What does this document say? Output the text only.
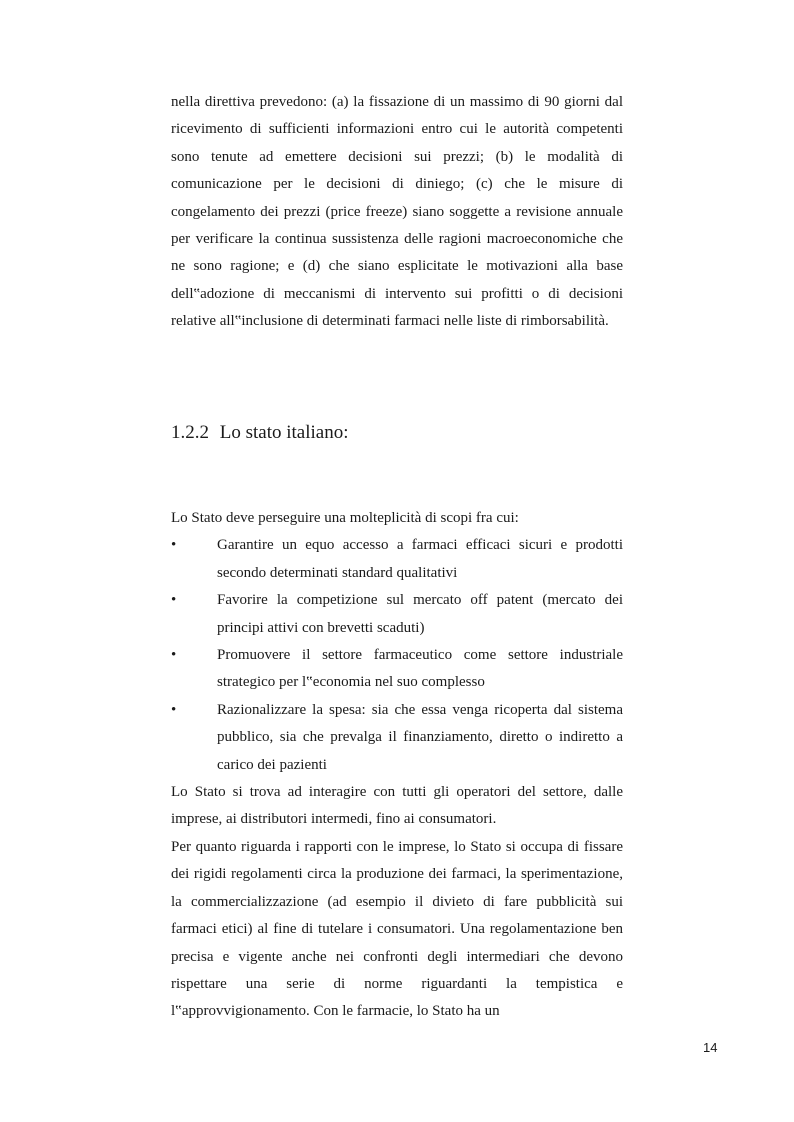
nella direttiva prevedono: (a) la fissazione di un massimo di 90 giorni dal ricevimento di sufficienti informazioni entro cui le autorità competenti sono tenute ad emettere decisioni sui prezzi; (b) le modalità di comunicazione per le decisioni di diniego; (c) che le misure di congelamento dei prezzi (price freeze) siano soggette a revisione annuale per verificare la continua sussistenza delle ragioni macroeconomiche che ne sono ragione; e (d) che siano esplicitate le motivazioni alla base dell‟adozione di meccanismi di intervento sui profitti o di decisioni relative all‟inclusione di determinati farmaci nelle liste di rimborsabilità.

1.2.2 Lo stato italiano:

Lo Stato deve perseguire una molteplicità di scopi fra cui:

•	Garantire un equo accesso a farmaci efficaci sicuri e prodotti secondo determinati standard qualitativi
•	Favorire la competizione sul mercato off patent (mercato dei principi attivi con brevetti scaduti)
•	Promuovere il settore farmaceutico come settore industriale strategico per l‟economia nel suo complesso
•	Razionalizzare la spesa: sia che essa venga ricoperta dal sistema pubblico, sia che prevalga il finanziamento, diretto o indiretto a carico dei pazienti

Lo Stato si trova ad interagire con tutti gli operatori del settore, dalle imprese, ai distributori intermedi, fino ai consumatori.

Per quanto riguarda i rapporti con le imprese, lo Stato si occupa di fissare dei rigidi regolamenti circa la produzione dei farmaci, la sperimentazione, la commercializzazione (ad esempio il divieto di fare pubblicità sui farmaci etici) al fine di tutelare i consumatori. Una regolamentazione ben precisa e vigente anche nei confronti degli intermediari che devono rispettare una serie di norme riguardanti la tempistica e l‟approvvigionamento. Con le farmacie, lo Stato ha un

14
